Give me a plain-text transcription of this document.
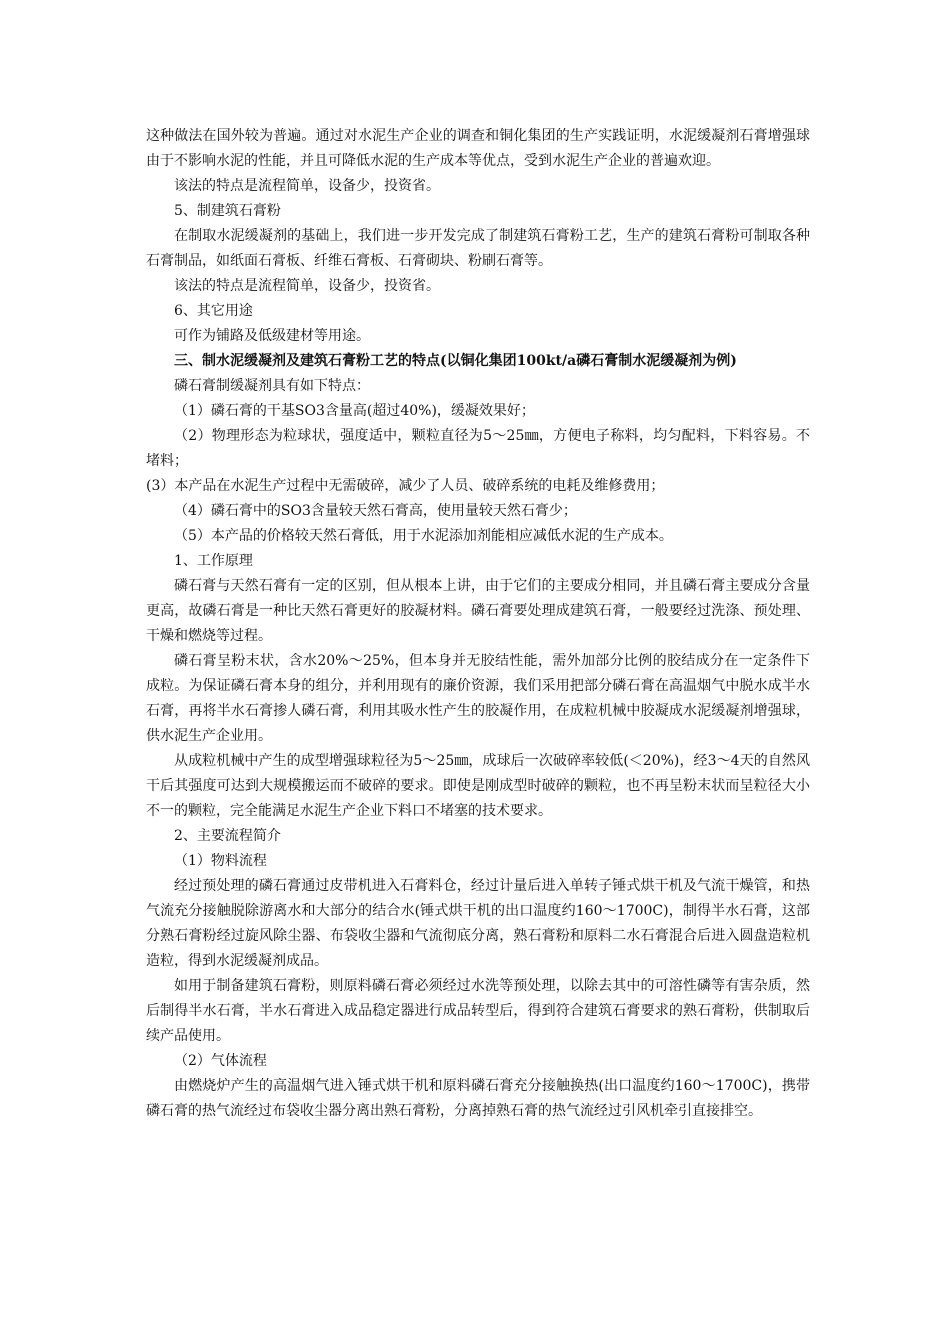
这种做法在国外较为普遍。通过对水泥生产企业的调查和铜化集团的生产实践证明，水泥缓凝剂石膏增强球由于不影响水泥的性能，并且可降低水泥的生产成本等优点，受到水泥生产企业的普遍欢迎。

该法的特点是流程简单，设备少，投资省。

5、制建筑石膏粉

在制取水泥缓凝剂的基础上，我们进一步开发完成了制建筑石膏粉工艺，生产的建筑石膏粉可制取各种石膏制品，如纸面石膏板、纤维石膏板、石膏砌块、粉刷石膏等。

该法的特点是流程简单，设备少，投资省。

6、其它用途

可作为铺路及低级建材等用途。

三、制水泥缓凝剂及建筑石膏粉工艺的特点(以铜化集团100kt/a磷石膏制水泥缓凝剂为例)

磷石膏制缓凝剂具有如下特点：

（1）磷石膏的干基SO3含量高(超过40%)，缓凝效果好；

（2）物理形态为粒球状，强度适中，颗粒直径为5～25㎜，方便电子称料，均匀配料，下料容易。不堵料；

(3）本产品在水泥生产过程中无需破碎，减少了人员、破碎系统的电耗及维修费用；

（4）磷石膏中的SO3含量较天然石膏高，使用量较天然石膏少；

（5）本产品的价格较天然石膏低，用于水泥添加剂能相应减低水泥的生产成本。

1、工作原理

磷石膏与天然石膏有一定的区别，但从根本上讲，由于它们的主要成分相同，并且磷石膏主要成分含量更高，故磷石膏是一种比天然石膏更好的胶凝材料。磷石膏要处理成建筑石膏，一般要经过洗涤、预处理、干燥和燃烧等过程。

磷石膏呈粉末状，含水20%～25%，但本身并无胶结性能，需外加部分比例的胶结成分在一定条件下成粒。为保证磷石膏本身的组分，并利用现有的廉价资源，我们采用把部分磷石膏在高温烟气中脱水成半水石膏，再将半水石膏掺人磷石膏，利用其吸水性产生的胶凝作用，在成粒机械中胶凝成水泥缓凝剂增强球，供水泥生产企业用。

从成粒机械中产生的成型增强球粒径为5～25㎜，成球后一次破碎率较低(＜20%)，经3～4天的自然风干后其强度可达到大规模搬运而不破碎的要求。即使是刚成型时破碎的颗粒，也不再呈粉末状而呈粒径大小不一的颗粒，完全能满足水泥生产企业下料口不堵塞的技术要求。

2、主要流程简介

（1）物料流程

经过预处理的磷石膏通过皮带机进入石膏料仓，经过计量后进入单转子锤式烘干机及气流干燥管，和热气流充分接触脱除游离水和大部分的结合水(锤式烘干机的出口温度约160～1700C)，制得半水石膏，这部分熟石膏粉经过旋风除尘器、布袋收尘器和气流彻底分离，熟石膏粉和原料二水石膏混合后进入圆盘造粒机造粒，得到水泥缓凝剂成品。

如用于制备建筑石膏粉，则原料磷石膏必须经过水洗等预处理，以除去其中的可溶性磷等有害杂质，然后制得半水石膏，半水石膏进入成品稳定器进行成品转型后，得到符合建筑石膏要求的熟石膏粉，供制取后续产品使用。

（2）气体流程

由燃烧炉产生的高温烟气进入锤式烘干机和原料磷石膏充分接触换热(出口温度约160～1700C)，携带磷石膏的热气流经过布袋收尘器分离出熟石膏粉，分离掉熟石膏的热气流经过引风机牵引直接排空。
